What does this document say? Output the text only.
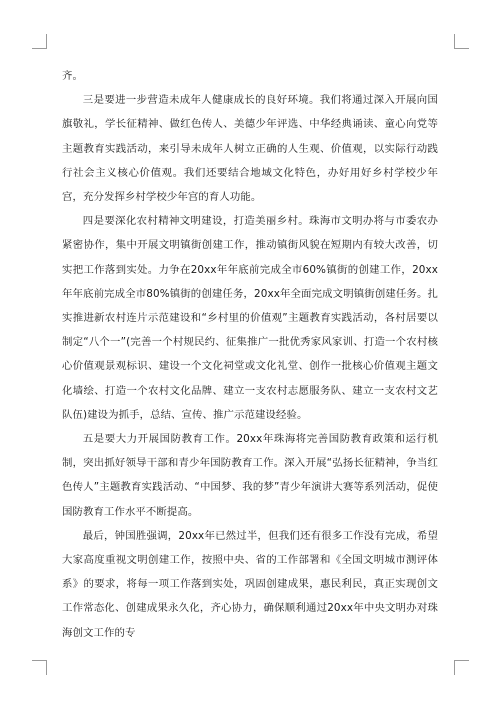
齐。

三是要进一步营造未成年人健康成长的良好环境。我们将通过深入开展向国旗敬礼，学长征精神、做红色传人、美德少年评选、中华经典诵读、童心向党等主题教育实践活动，来引导未成年人树立正确的人生观、价值观，以实际行动践行社会主义核心价值观。我们还要结合地域文化特色，办好用好乡村学校少年宫，充分发挥乡村学校少年宫的育人功能。

四是要深化农村精神文明建设，打造美丽乡村。珠海市文明办将与市委农办紧密协作，集中开展文明镇街创建工作，推动镇街风貌在短期内有较大改善，切实把工作落到实处。力争在20xx年年底前完成全市60%镇街的创建工作，20xx年年底前完成全市80%镇街的创建任务，20xx年全面完成文明镇街创建任务。扎实推进新农村连片示范建设和“乡村里的价值观”主题教育实践活动，各村居要以制定“八个一”(完善一个村规民约、征集推广一批优秀家风家训、打造一个农村核心价值观景观标识、建设一个文化祠堂或文化礼堂、创作一批核心价值观主题文化墙绘、打造一个农村文化品牌、建立一支农村志愿服务队、建立一支农村文艺队伍)建设为抓手，总结、宣传、推广示范建设经验。

五是要大力开展国防教育工作。20xx年珠海将完善国防教育政策和运行机制，突出抓好领导干部和青少年国防教育工作。深入开展“弘扬长征精神，争当红色传人”主题教育实践活动、“中国梦、我的梦”青少年演讲大赛等系列活动，促使国防教育工作水平不断提高。

最后，钟国胜强调，20xx年已然过半，但我们还有很多工作没有完成，希望大家高度重视文明创建工作，按照中央、省的工作部署和《全国文明城市测评体系》的要求，将每一项工作落到实处，巩固创建成果，惠民利民，真正实现创文工作常态化、创建成果永久化，齐心协力，确保顺利通过20xx年中央文明办对珠海创文工作的专
